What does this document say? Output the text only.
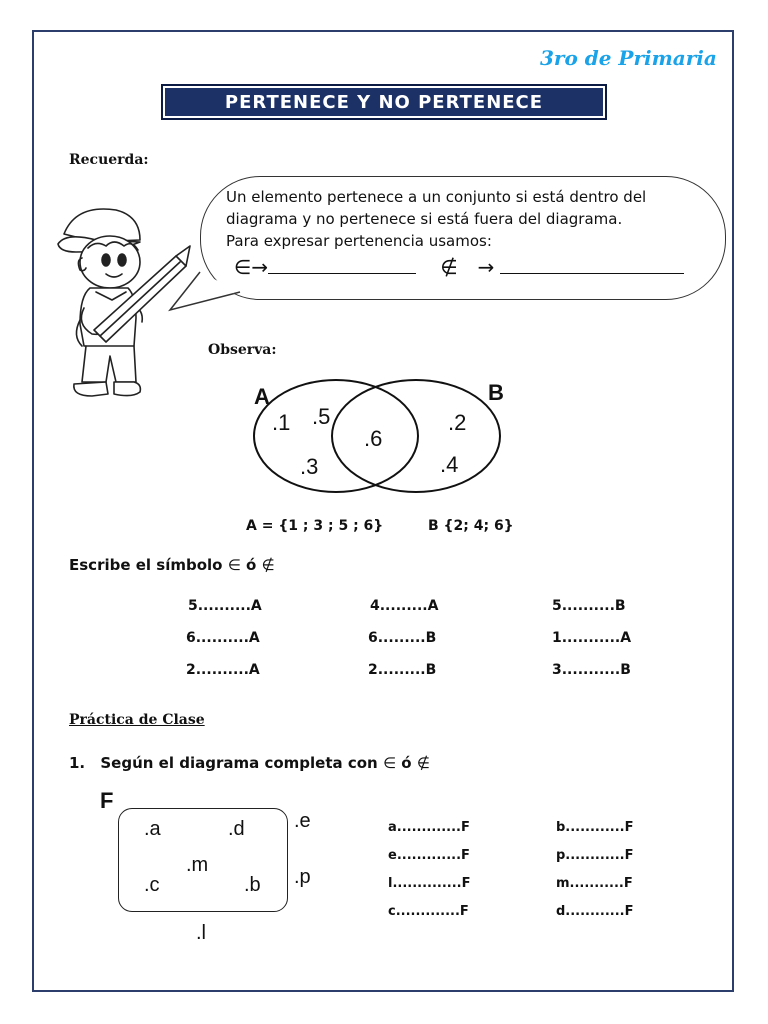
3ro de Primaria
PERTENECE Y NO PERTENECE
Recuerda:
Un elemento pertenece a un conjunto si está dentro del
diagrama y no pertenece si está fuera del diagrama.
Para expresar pertenencia usamos:
∈ →	∉ →
Observa:
A	B
.1 .5
.3
.6
.2
.4
A = {1 ; 3 ; 5 ; 6}	B {2; 4; 6}
Escribe el símbolo ∈ ó ∉
5..........A	4.........A	5..........B
6..........A	6.........B	1...........A
2..........A	2.........B	3...........B
Práctica de Clase
1. Según el diagrama completa con ∈ ó ∉
F
.a	.d
.m
.c	.b
.e
.p
.l
a.............F	b............F
e.............F	p............F
l..............F	m...........F
c.............F	d............F
